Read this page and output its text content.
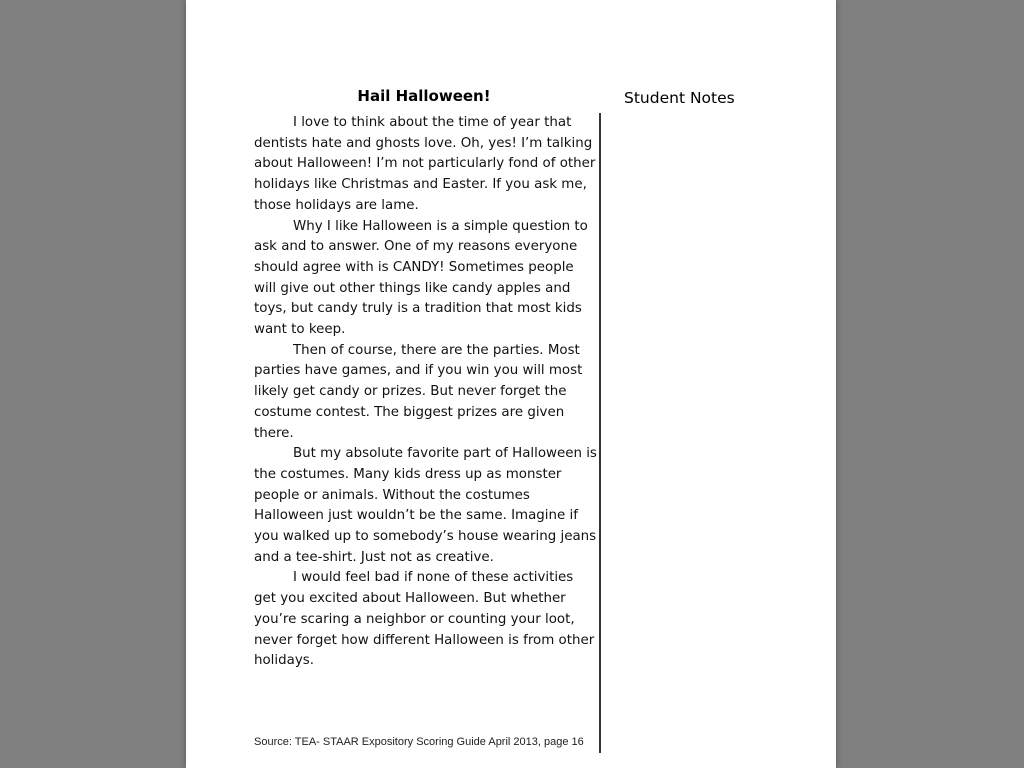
Hail Halloween!

I love to think about the time of year that dentists hate and ghosts love. Oh, yes! I’m talking about Halloween! I’m not particularly fond of other holidays like Christmas and Easter. If you ask me, those holidays are lame.

Why I like Halloween is a simple question to ask and to answer. One of my reasons everyone should agree with is CANDY! Sometimes people will give out other things like candy apples and toys, but candy truly is a tradition that most kids want to keep.

Then of course, there are the parties. Most parties have games, and if you win you will most likely get candy or prizes. But never forget the costume contest. The biggest prizes are given there.

But my absolute favorite part of Halloween is the costumes. Many kids dress up as monster people or animals. Without the costumes Halloween just wouldn’t be the same. Imagine if you walked up to somebody’s house wearing jeans and a tee-shirt. Just not as creative.

I would feel bad if none of these activities get you excited about Halloween. But whether you’re scaring a neighbor or counting your loot, never forget how different Halloween is from other holidays.

Student Notes
Source: TEA- STAAR Expository Scoring Guide April 2013, page 16
